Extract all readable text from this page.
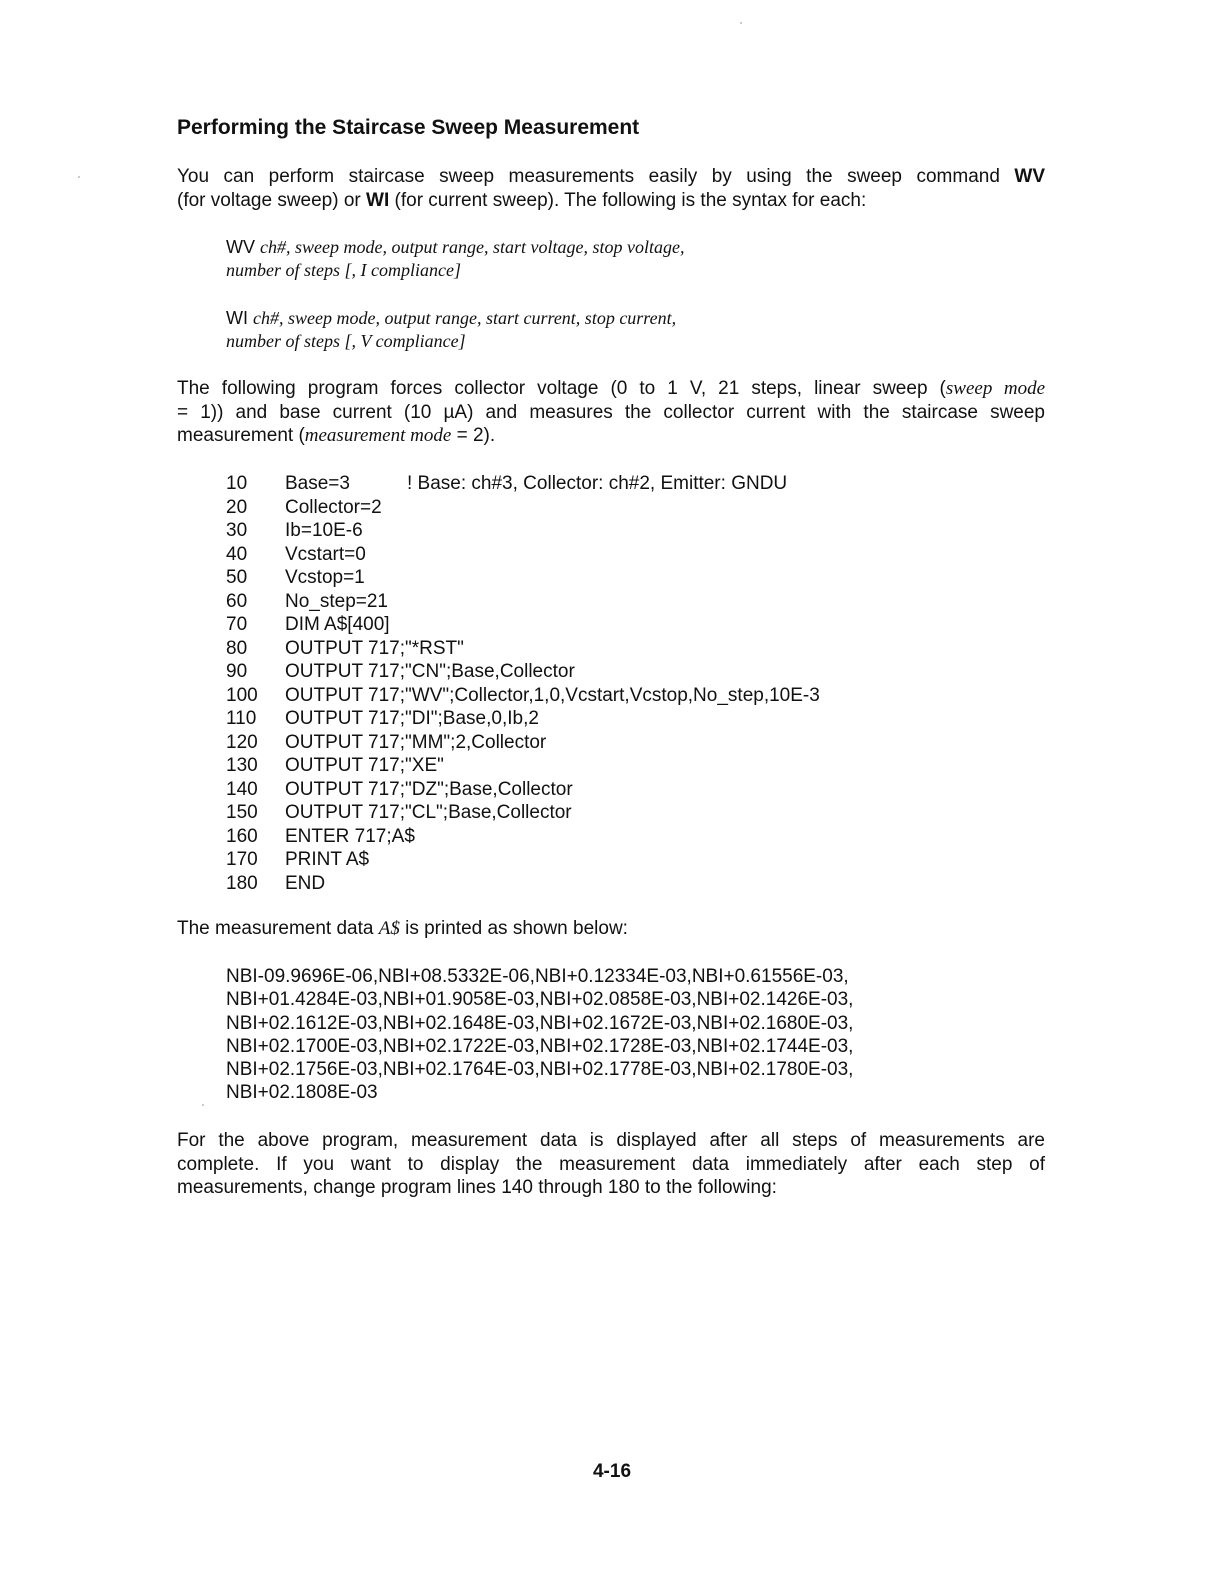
Performing the Staircase Sweep Measurement

You can perform staircase sweep measurements easily by using the sweep command WV
(for voltage sweep) or WI (for current sweep). The following is the syntax for each:

WV ch#, sweep mode, output range, start voltage, stop voltage,
number of steps [, I compliance]
WI ch#, sweep mode, output range, start current, stop current,
number of steps [, V compliance]

The following program forces collector voltage (0 to 1 V, 21 steps, linear sweep (sweep mode
= 1)) and base current (10 µA) and measures the collector current with the staircase sweep
measurement (measurement mode = 2).

10 Base=3	! Base: ch#3, Collector: ch#2, Emitter: GNDU
20 Collector=2
30 Ib=10E-6
40 Vcstart=0
50 Vcstop=1
60 No_step=21
70 DIM A$[400]
80 OUTPUT 717;"*RST"
90 OUTPUT 717;"CN";Base,Collector
100 OUTPUT 717;"WV";Collector,1,0,Vcstart,Vcstop,No_step,10E-3
110 OUTPUT 717;"DI";Base,0,Ib,2
120 OUTPUT 717;"MM";2,Collector
130 OUTPUT 717;"XE"
140 OUTPUT 717;"DZ";Base,Collector
150 OUTPUT 717;"CL";Base,Collector
160 ENTER 717;A$
170 PRINT A$
180 END

The measurement data A$ is printed as shown below:

NBI-09.9696E-06,NBI+08.5332E-06,NBI+0.12334E-03,NBI+0.61556E-03,
NBI+01.4284E-03,NBI+01.9058E-03,NBI+02.0858E-03,NBI+02.1426E-03,
NBI+02.1612E-03,NBI+02.1648E-03,NBI+02.1672E-03,NBI+02.1680E-03,
NBI+02.1700E-03,NBI+02.1722E-03,NBI+02.1728E-03,NBI+02.1744E-03,
NBI+02.1756E-03,NBI+02.1764E-03,NBI+02.1778E-03,NBI+02.1780E-03,
NBI+02.1808E-03

For the above program, measurement data is displayed after all steps of measurements are
complete. If you want to display the measurement data immediately after each step of
measurements, change program lines 140 through 180 to the following:

4-16
